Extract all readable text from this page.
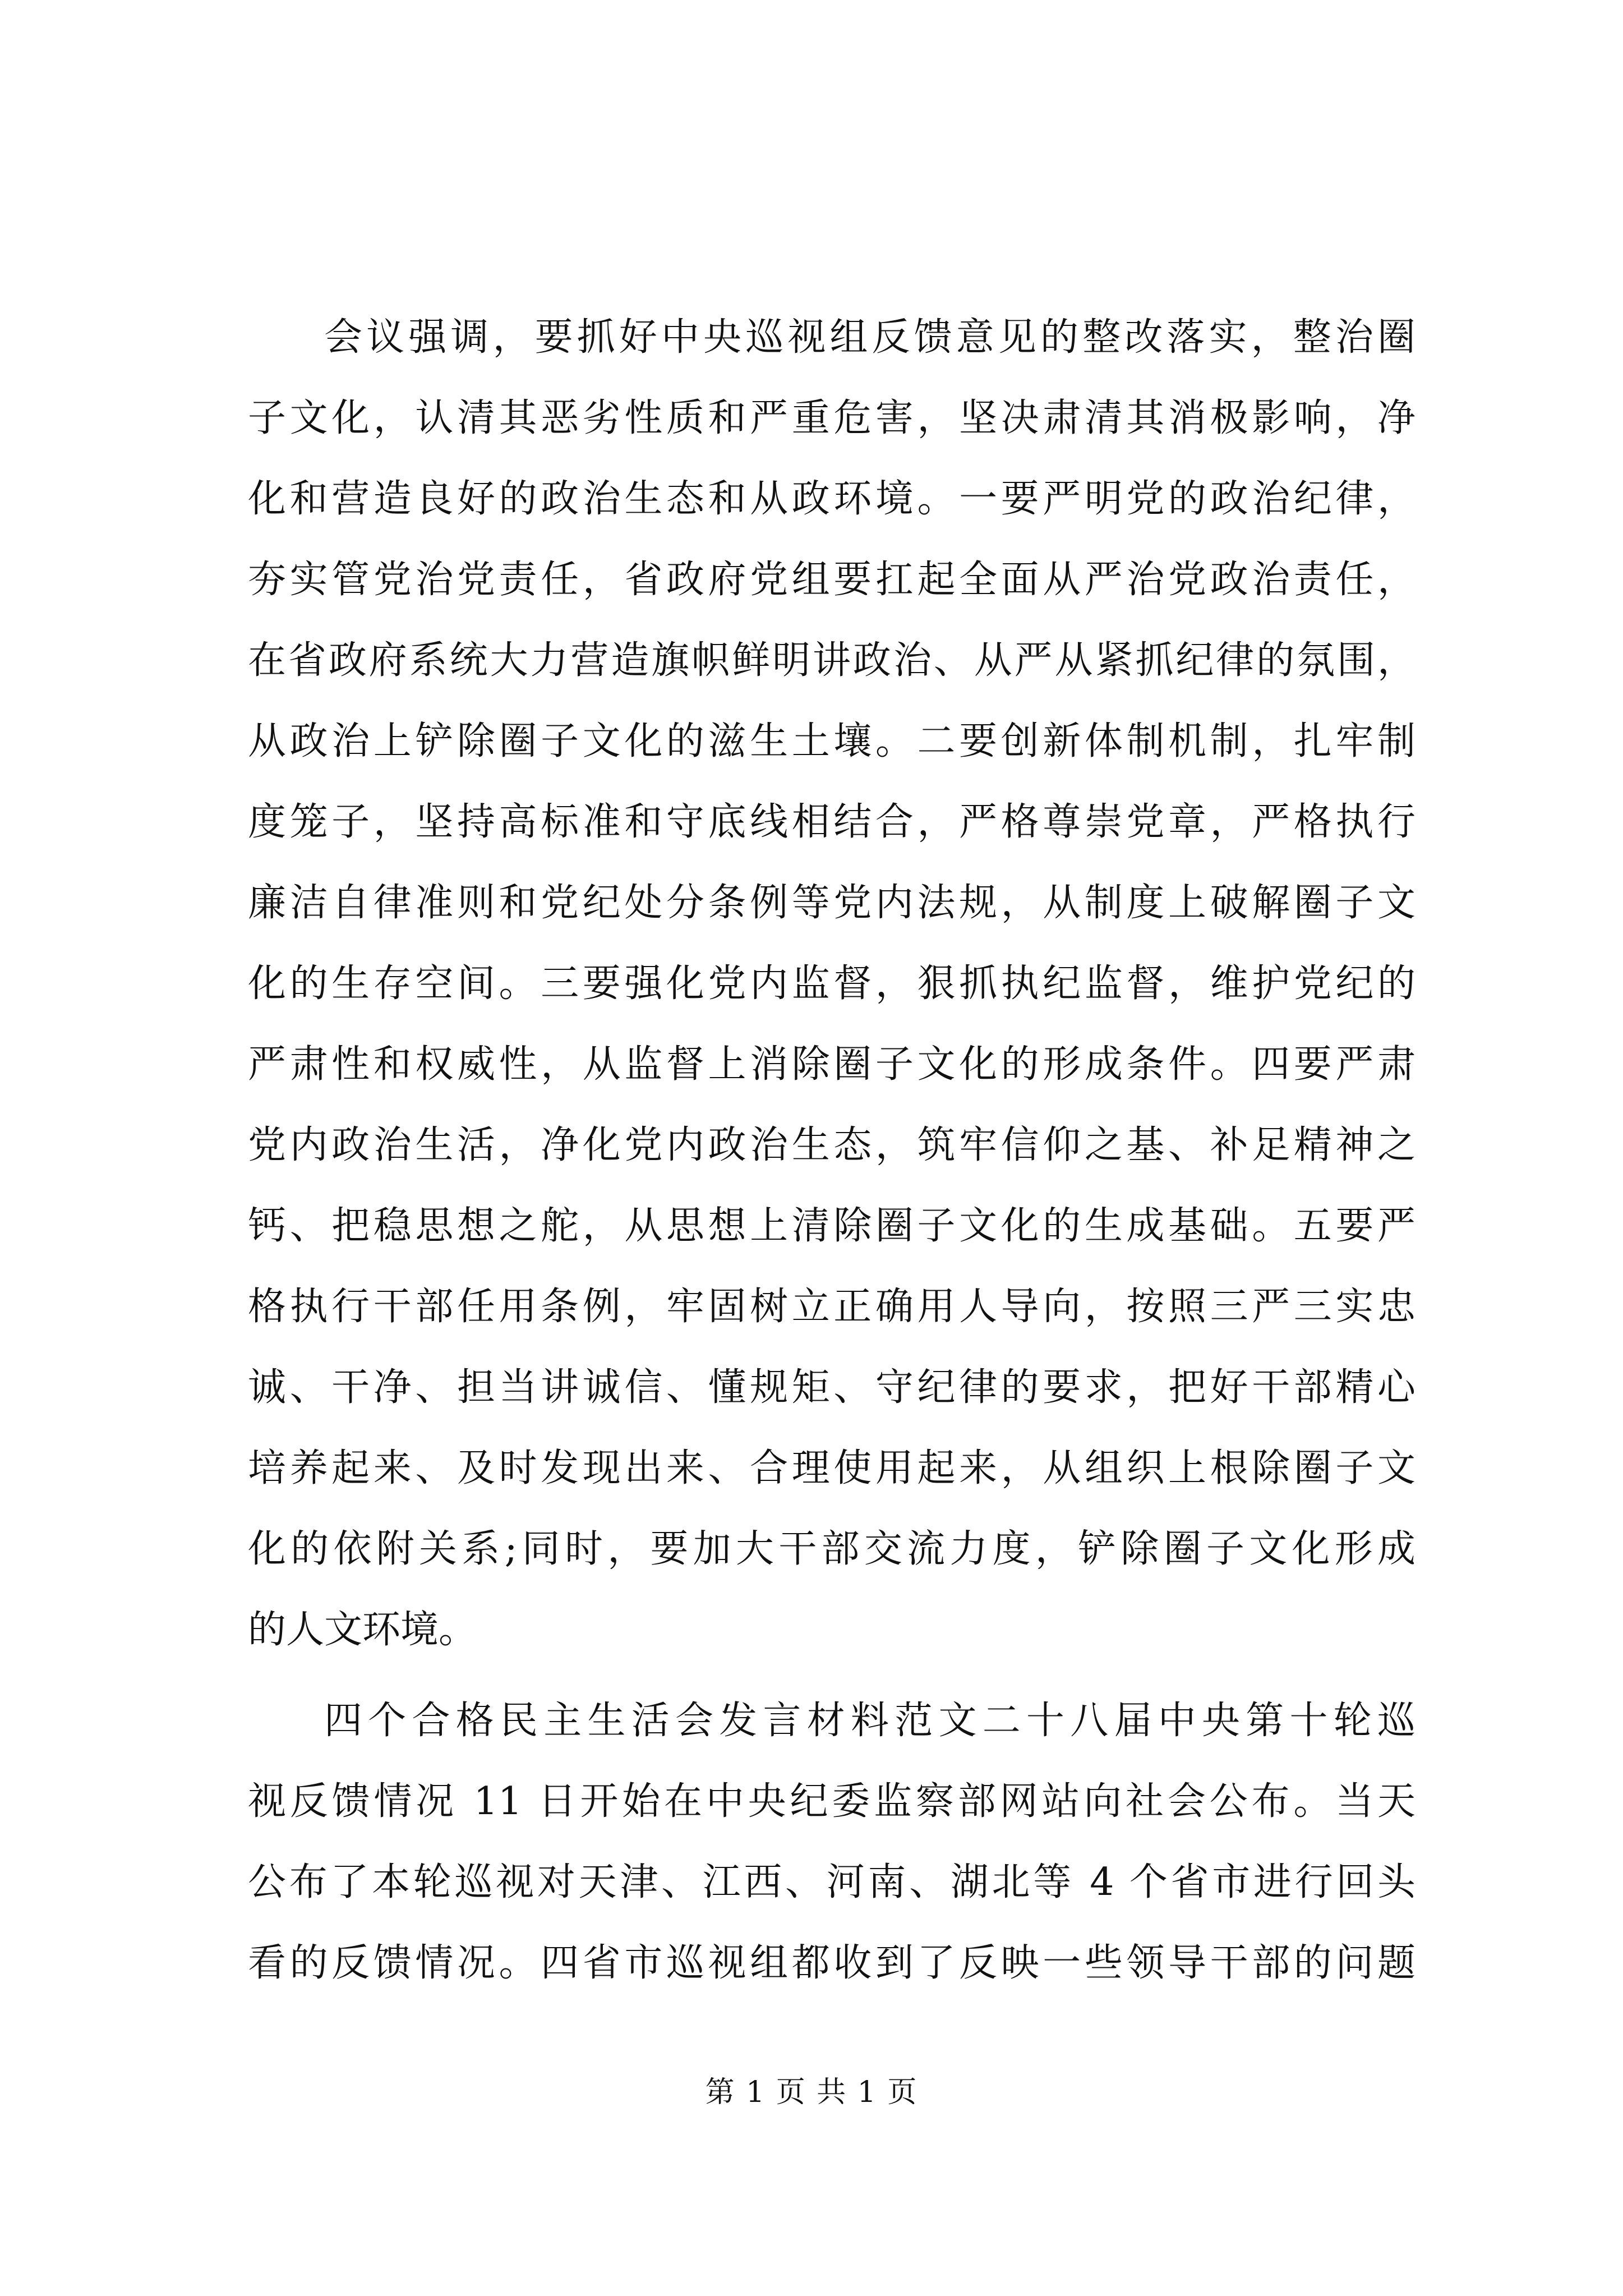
会议强调，要抓好中央巡视组反馈意见的整改落实，整治圈

子文化，认清其恶劣性质和严重危害，坚决肃清其消极影响，净

化和营造良好的政治生态和从政环境。一要严明党的政治纪律，

夯实管党治党责任，省政府党组要扛起全面从严治党政治责任，

在省政府系统大力营造旗帜鲜明讲政治、从严从紧抓纪律的氛围，

从政治上铲除圈子文化的滋生土壤。二要创新体制机制，扎牢制

度笼子，坚持高标准和守底线相结合，严格尊崇党章，严格执行

廉洁自律准则和党纪处分条例等党内法规，从制度上破解圈子文

化的生存空间。三要强化党内监督，狠抓执纪监督，维护党纪的

严肃性和权威性，从监督上消除圈子文化的形成条件。四要严肃

党内政治生活，净化党内政治生态，筑牢信仰之基、补足精神之

钙、把稳思想之舵，从思想上清除圈子文化的生成基础。五要严

格执行干部任用条例，牢固树立正确用人导向，按照三严三实忠

诚、干净、担当讲诚信、懂规矩、守纪律的要求，把好干部精心

培养起来、及时发现出来、合理使用起来，从组织上根除圈子文

化的依附关系;同时，要加大干部交流力度，铲除圈子文化形成

的人文环境。

四个合格民主生活会发言材料范文二十八届中央第十轮巡

视反馈情况 11 日开始在中央纪委监察部网站向社会公布。当天

公布了本轮巡视对天津、江西、河南、湖北等 4 个省市进行回头

看的反馈情况。四省市巡视组都收到了反映一些领导干部的问题

第 1 页 共 1 页
